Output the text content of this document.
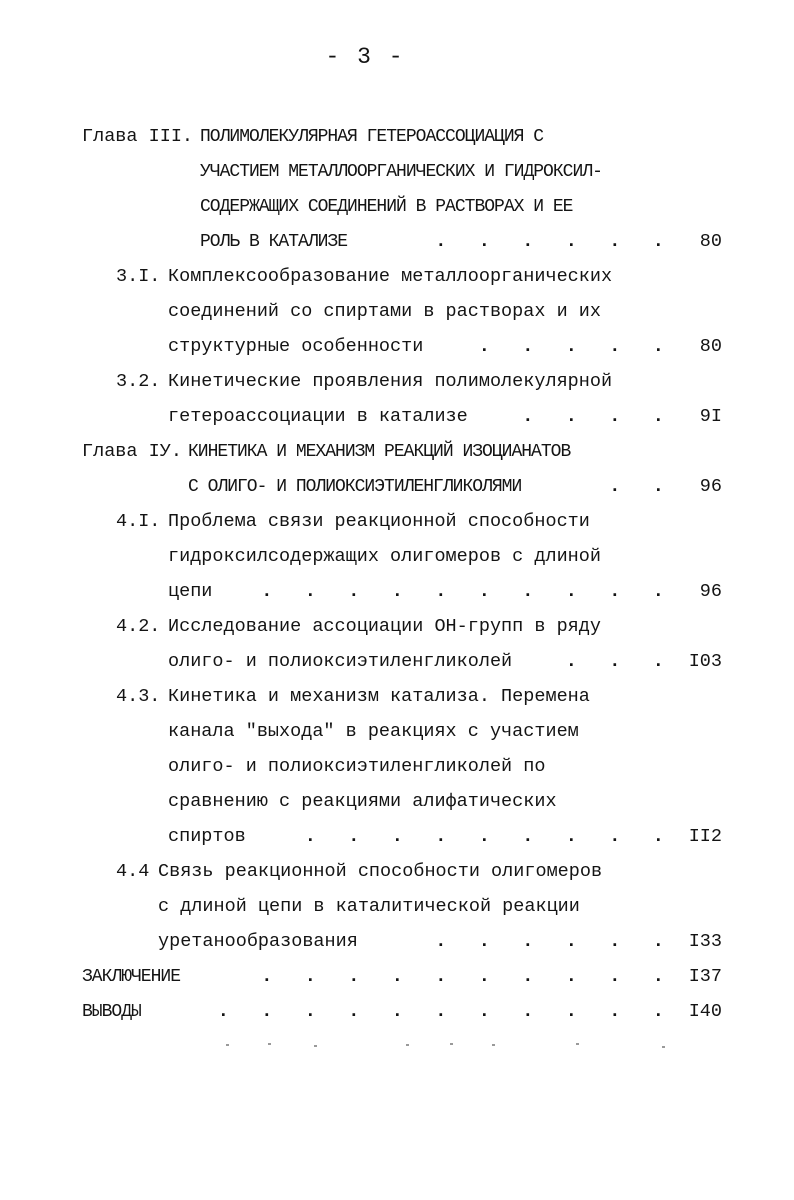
- 3 -
Глава III. ПОЛИМОЛЕКУЛЯРНАЯ ГЕТЕРОАССОЦИАЦИЯ С
УЧАСТИЕМ МЕТАЛЛООРГАНИЧЕСКИХ И ГИДРОКСИЛ-
СОДЕРЖАЩИХ СОЕДИНЕНИЙ В РАСТВОРАХ И ЕЕ
РОЛЬ В КАТАЛИЗЕ	. . . . . .	80
3.I. Комплексообразование металлоорганических
соединений со спиртами в растворах и их
структурные особенности	. . . . .	80
3.2. Кинетические проявления полимолекулярной
гетероассоциации в катализе	. . . .	9I
Глава IУ. КИНЕТИКА И МЕХАНИЗМ РЕАКЦИЙ ИЗОЦИАНАТОВ
С ОЛИГО- И ПОЛИОКСИЭТИЛЕНГЛИКОЛЯМИ	. .	96
4.I. Проблема связи реакционной способности
гидроксилсодержащих олигомеров с длиной
цепи	. . . . . . . . . .	96
4.2. Исследование ассоциации ОН-групп в ряду
олиго- и полиоксиэтиленгликолей	. . .	I03
4.3. Кинетика и механизм катализа. Перемена
канала "выхода" в реакциях с участием
олиго- и полиоксиэтиленгликолей по
сравнению с реакциями алифатических
спиртов	. . . . . . . . .	II2
4.4 Связь реакционной способности олигомеров
с длиной цепи в каталитической реакции
уретанообразования	. . . . . .	I33
ЗАКЛЮЧЕНИЕ	. . . . . . . . . .	I37
ВЫВОДЫ	. . . . . . . . . . .	I40
